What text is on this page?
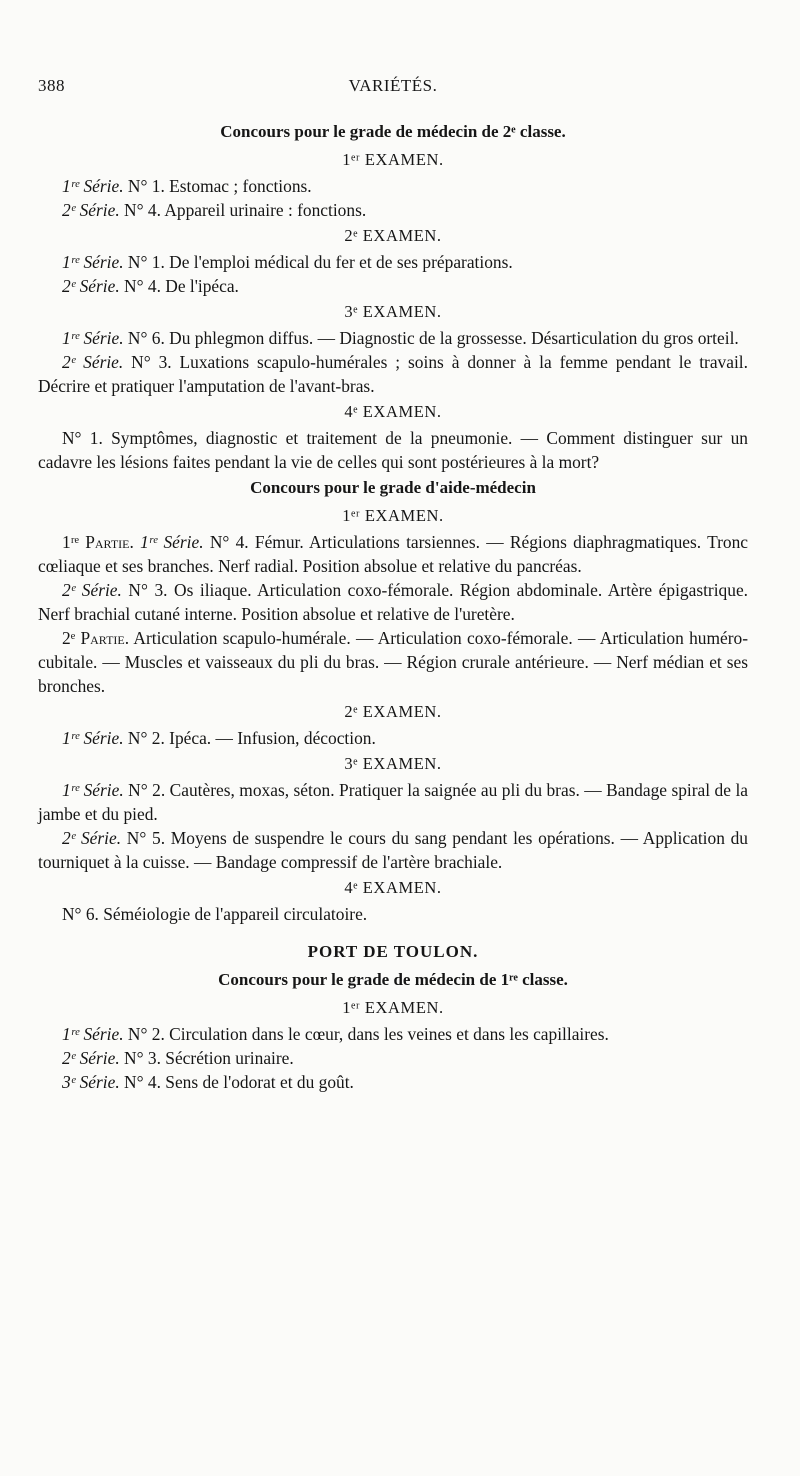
388	VARIÉTÉS.
Concours pour le grade de médecin de 2ᵉ classe.
1ᵉʳ EXAMEN.

1ʳᵉ Série. N° 1. Estomac ; fonctions.

2ᵉ Série. N° 4. Appareil urinaire : fonctions.

2ᵉ EXAMEN.

1ʳᵉ Série. N° 1. De l'emploi médical du fer et de ses préparations.

2ᵉ Série. N° 4. De l'ipéca.

3ᵉ EXAMEN.

1ʳᵉ Série. N° 6. Du phlegmon diffus. — Diagnostic de la grossesse. Désarticulation du gros orteil.

2ᵉ Série. N° 3. Luxations scapulo-humérales ; soins à donner à la femme pendant le travail. Décrire et pratiquer l'amputation de l'avant-bras.

4ᵉ EXAMEN.

N° 1. Symptômes, diagnostic et traitement de la pneumonie. — Comment distinguer sur un cadavre les lésions faites pendant la vie de celles qui sont postérieures à la mort?

Concours pour le grade d'aide-médecin
1ᵉʳ EXAMEN.

1ʳᵉ Partie. 1ʳᵉ Série. N° 4. Fémur. Articulations tarsiennes. — Régions diaphragmatiques. Tronc cœliaque et ses branches. Nerf radial. Position absolue et relative du pancréas.

2ᵉ Série. N° 3. Os iliaque. Articulation coxo-fémorale. Région abdominale. Artère épigastrique. Nerf brachial cutané interne. Position absolue et relative de l'uretère.

2ᵉ Partie. Articulation scapulo-humérale. — Articulation coxo-fémorale. — Articulation huméro-cubitale. — Muscles et vaisseaux du pli du bras. — Région crurale antérieure. — Nerf médian et ses bronches.

2ᵉ EXAMEN.

1ʳᵉ Série. N° 2. Ipéca. — Infusion, décoction.

3ᵉ EXAMEN.

1ʳᵉ Série. N° 2. Cautères, moxas, séton. Pratiquer la saignée au pli du bras. — Bandage spiral de la jambe et du pied.

2ᵉ Série. N° 5. Moyens de suspendre le cours du sang pendant les opérations. — Application du tourniquet à la cuisse. — Bandage compressif de l'artère brachiale.

4ᵉ EXAMEN.

N° 6. Séméiologie de l'appareil circulatoire.

PORT DE TOULON.
Concours pour le grade de médecin de 1ʳᵉ classe.
1ᵉʳ EXAMEN.

1ʳᵉ Série. N° 2. Circulation dans le cœur, dans les veines et dans les capillaires.

2ᵉ Série. N° 3. Sécrétion urinaire.

3ᵉ Série. N° 4. Sens de l'odorat et du goût.
